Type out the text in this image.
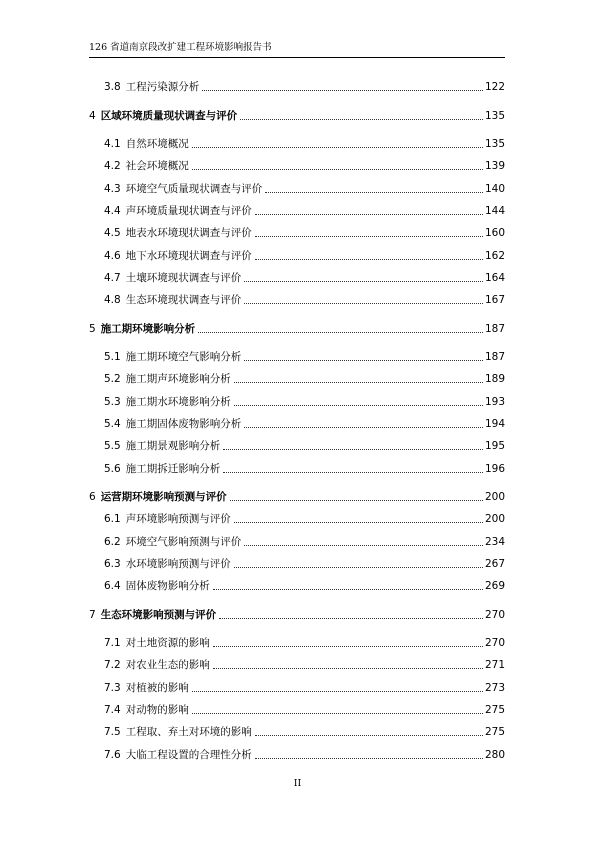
126 省道南京段改扩建工程环境影响报告书
3.8 工程污染源分析	122
4 区域环境质量现状调查与评价	135
4.1 自然环境概况	135
4.2 社会环境概况	139
4.3 环境空气质量现状调查与评价	140
4.4 声环境质量现状调查与评价	144
4.5 地表水环境现状调查与评价	160
4.6 地下水环境现状调查与评价	162
4.7 土壤环境现状调查与评价	164
4.8 生态环境现状调查与评价	167
5 施工期环境影响分析	187
5.1 施工期环境空气影响分析	187
5.2 施工期声环境影响分析	189
5.3 施工期水环境影响分析	193
5.4 施工期固体废物影响分析	194
5.5 施工期景观影响分析	195
5.6 施工期拆迁影响分析	196
6 运营期环境影响预测与评价	200
6.1 声环境影响预测与评价	200
6.2 环境空气影响预测与评价	234
6.3 水环境影响预测与评价	267
6.4 固体废物影响分析	269
7 生态环境影响预测与评价	270
7.1 对土地资源的影响	270
7.2 对农业生态的影响	271
7.3 对植被的影响	273
7.4 对动物的影响	275
7.5 工程取、弃土对环境的影响	275
7.6 大临工程设置的合理性分析	280
II
